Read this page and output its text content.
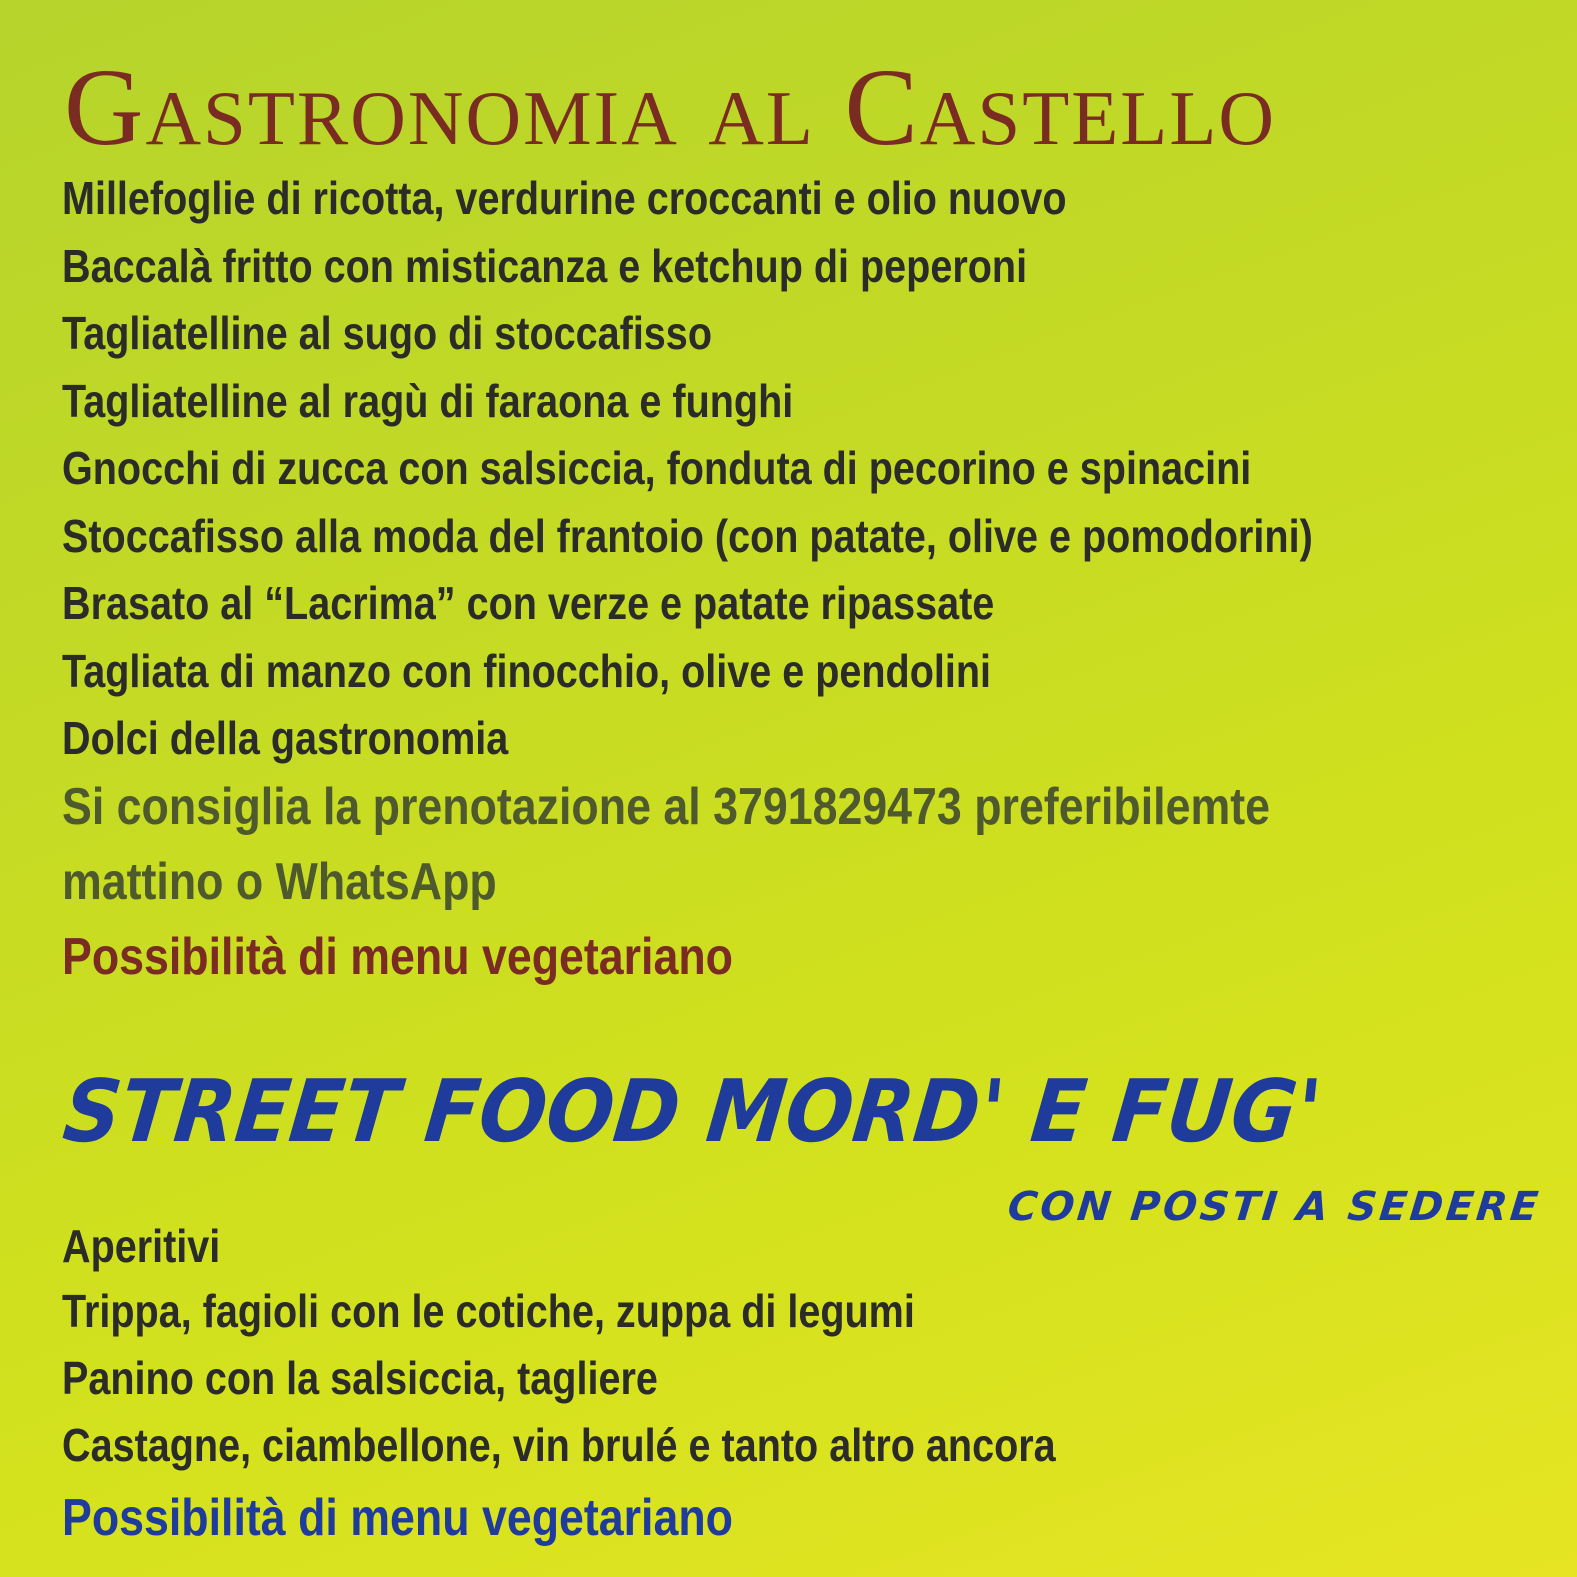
Gastronomia al Castello

Millefoglie di ricotta, verdurine croccanti e olio nuovo

Baccalà fritto con misticanza e ketchup di peperoni

Tagliatelline al sugo di stoccafisso

Tagliatelline al ragù di faraona e funghi

Gnocchi di zucca con salsiccia, fonduta di pecorino e spinacini

Stoccafisso alla moda del frantoio (con patate, olive e pomodorini)

Brasato al “Lacrima” con verze e patate ripassate

Tagliata di manzo con finocchio, olive e pendolini

Dolci della gastronomia

Si consiglia la prenotazione al 3791829473 preferibilemte

mattino o WhatsApp

Possibilità di menu vegetariano

STREET FOOD MORD' E FUG'

CON POSTI A SEDERE

Aperitivi

Trippa, fagioli con le cotiche, zuppa di legumi

Panino con la salsiccia, tagliere

Castagne, ciambellone, vin brulé e tanto altro ancora

Possibilità di menu vegetariano
